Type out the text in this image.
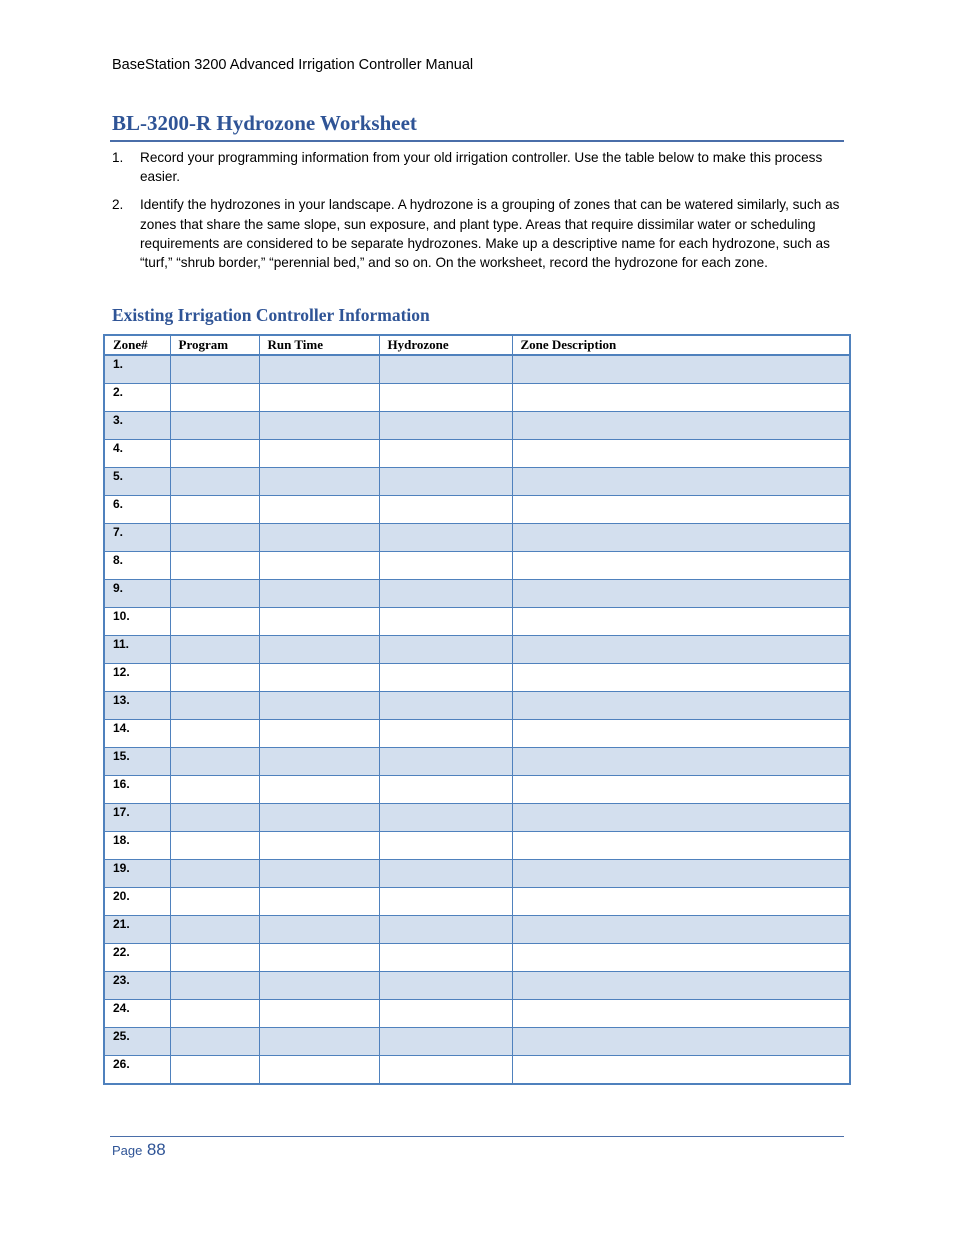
BaseStation 3200 Advanced Irrigation Controller Manual
BL-3200-R Hydrozone Worksheet
1.	Record your programming information from your old irrigation controller. Use the table below to make this process easier.
2.	Identify the hydrozones in your landscape. A hydrozone is a grouping of zones that can be watered similarly, such as zones that share the same slope, sun exposure, and plant type. Areas that require dissimilar water or scheduling requirements are considered to be separate hydrozones. Make up a descriptive name for each hydrozone, such as “turf,” “shrub border,” “perennial bed,” and so on. On the worksheet, record the hydrozone for each zone.
Existing Irrigation Controller Information
Zone#	Program	Run Time	Hydrozone	Zone Description
1.				
2.				
3.				
4.				
5.				
6.				
7.				
8.				
9.				
10.				
11.				
12.				
13.				
14.				
15.				
16.				
17.				
18.				
19.				
20.				
21.				
22.				
23.				
24.				
25.				
26.				
Page 88
